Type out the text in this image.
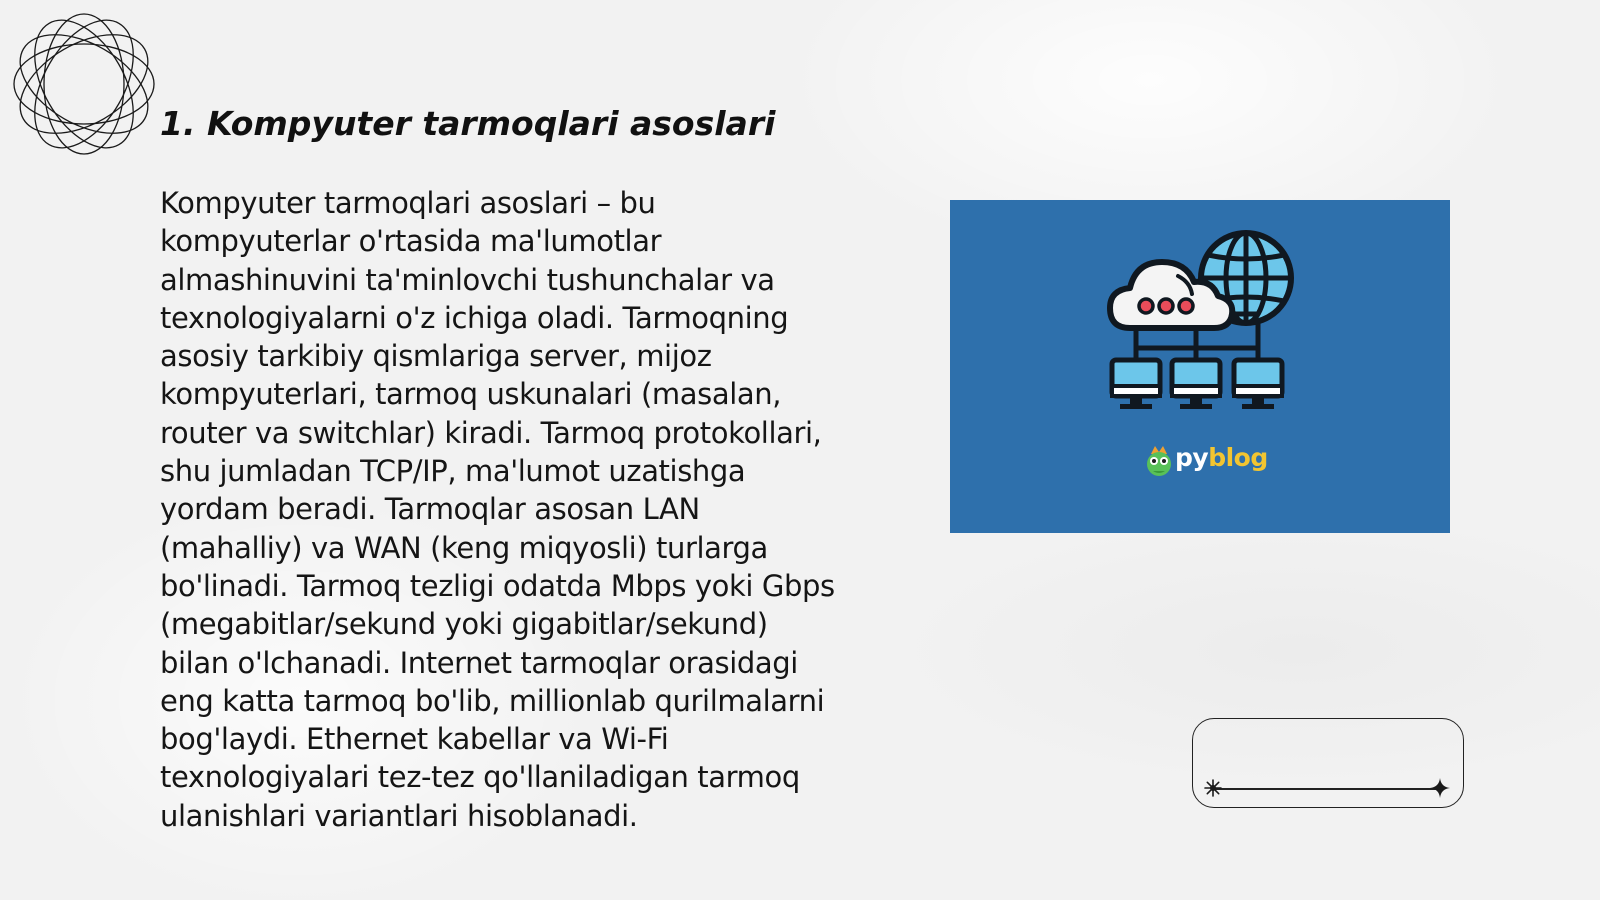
1. Kompyuter tarmoqlari asoslari

Kompyuter tarmoqlari asoslari – bu kompyuterlar o'rtasida ma'lumotlar almashinuvini ta'minlovchi tushunchalar va texnologiyalarni o'z ichiga oladi. Tarmoqning asosiy tarkibiy qismlariga server, mijoz kompyuterlari, tarmoq uskunalari (masalan, router va switchlar) kiradi. Tarmoq protokollari, shu jumladan TCP/IP, ma'lumot uzatishga yordam beradi. Tarmoqlar asosan LAN (mahalliy) va WAN (keng miqyosli) turlarga bo'linadi. Tarmoq tezligi odatda Mbps yoki Gbps (megabitlar/sekund yoki gigabitlar/sekund) bilan o'lchanadi. Internet tarmoqlar orasidagi eng katta tarmoq bo'lib, millionlab qurilmalarni bog'laydi. Ethernet kabellar va Wi-Fi texnologiyalari tez-tez qo'llaniladigan tarmoq ulanishlari variantlari hisoblanadi.

pyblog
